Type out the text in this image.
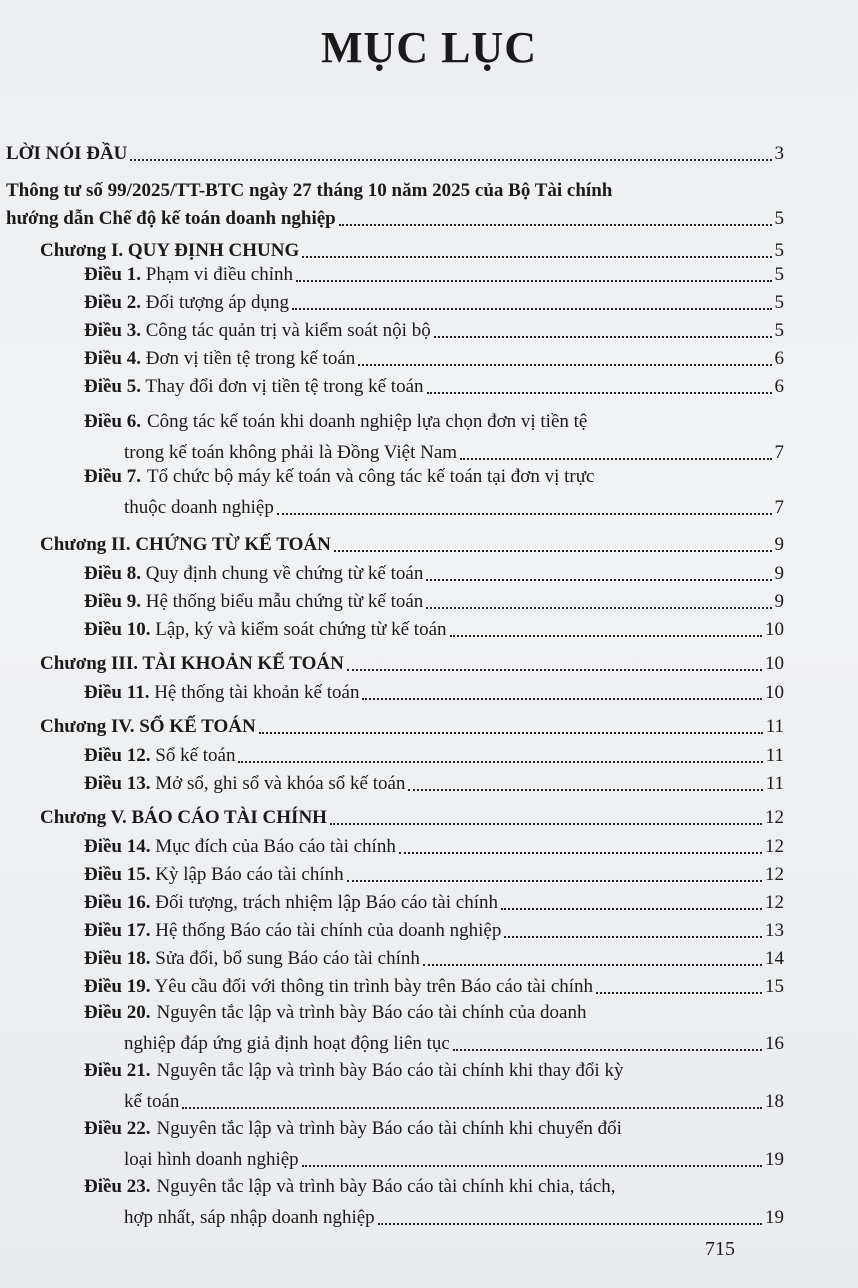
MỤC LỤC
LỜI NÓI ĐẦU	3
Thông tư số 99/2025/TT-BTC ngày 27 tháng 10 năm 2025 của Bộ Tài chính
hướng dẫn Chế độ kế toán doanh nghiệp	5
Chương I. QUY ĐỊNH CHUNG	5
Điều 1. Phạm vi điều chỉnh	5
Điều 2. Đối tượng áp dụng	5
Điều 3. Công tác quản trị và kiểm soát nội bộ	5
Điều 4. Đơn vị tiền tệ trong kế toán	6
Điều 5. Thay đổi đơn vị tiền tệ trong kế toán	6
Điều 6. Công tác kế toán khi doanh nghiệp lựa chọn đơn vị tiền tệ
trong kế toán không phải là Đồng Việt Nam	7
Điều 7. Tổ chức bộ máy kế toán và công tác kế toán tại đơn vị trực
thuộc doanh nghiệp	7
Chương II. CHỨNG TỪ KẾ TOÁN	9
Điều 8. Quy định chung về chứng từ kế toán	9
Điều 9. Hệ thống biểu mẫu chứng từ kế toán	9
Điều 10. Lập, ký và kiểm soát chứng từ kế toán	10
Chương III. TÀI KHOẢN KẾ TOÁN	10
Điều 11. Hệ thống tài khoản kế toán	10
Chương IV. SỔ KẾ TOÁN	11
Điều 12. Sổ kế toán	11
Điều 13. Mở sổ, ghi sổ và khóa sổ kế toán	11
Chương V. BÁO CÁO TÀI CHÍNH	12
Điều 14. Mục đích của Báo cáo tài chính	12
Điều 15. Kỳ lập Báo cáo tài chính	12
Điều 16. Đối tượng, trách nhiệm lập Báo cáo tài chính	12
Điều 17. Hệ thống Báo cáo tài chính của doanh nghiệp	13
Điều 18. Sửa đổi, bổ sung Báo cáo tài chính	14
Điều 19. Yêu cầu đối với thông tin trình bày trên Báo cáo tài chính	15
Điều 20. Nguyên tắc lập và trình bày Báo cáo tài chính của doanh
nghiệp đáp ứng giả định hoạt động liên tục	16
Điều 21. Nguyên tắc lập và trình bày Báo cáo tài chính khi thay đổi kỳ
kế toán	18
Điều 22. Nguyên tắc lập và trình bày Báo cáo tài chính khi chuyển đổi
loại hình doanh nghiệp	19
Điều 23. Nguyên tắc lập và trình bày Báo cáo tài chính khi chia, tách,
hợp nhất, sáp nhập doanh nghiệp	19
715
